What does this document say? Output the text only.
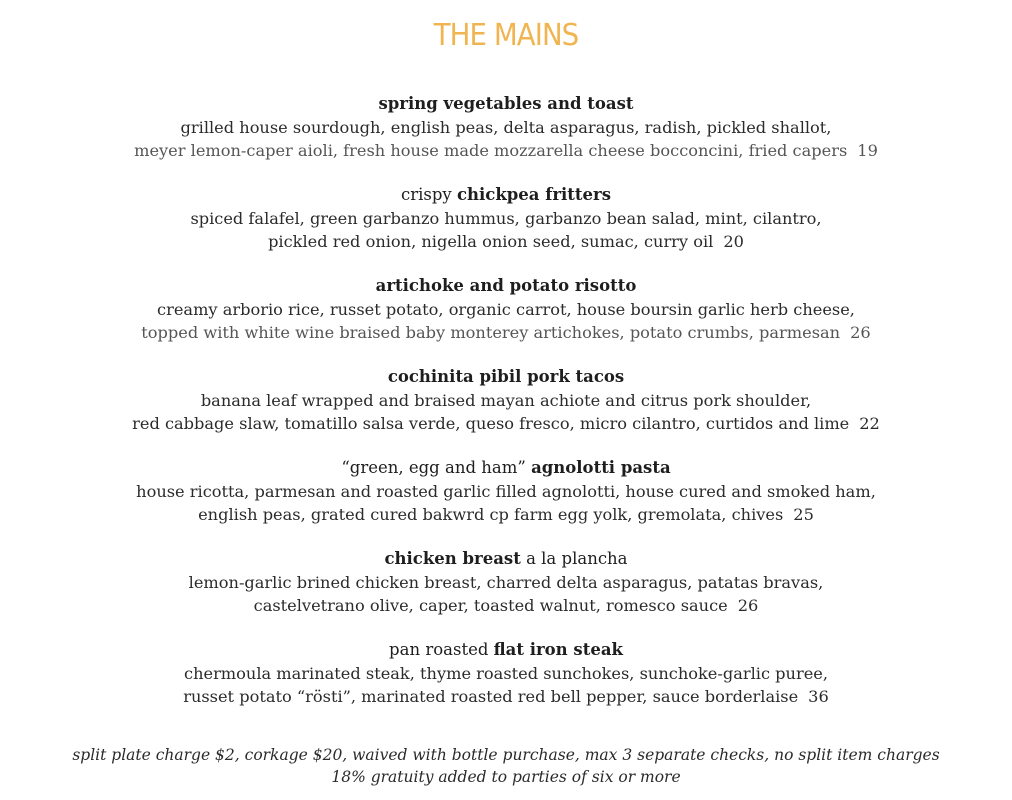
THE MAINS
spring vegetables and toast
grilled house sourdough, english peas, delta asparagus, radish, pickled shallot,
meyer lemon-caper aioli, fresh house made mozzarella cheese bocconcini, fried capers 19
crispy chickpea fritters
spiced falafel, green garbanzo hummus, garbanzo bean salad, mint, cilantro,
pickled red onion, nigella onion seed, sumac, curry oil 20
artichoke and potato risotto
creamy arborio rice, russet potato, organic carrot, house boursin garlic herb cheese,
topped with white wine braised baby monterey artichokes, potato crumbs, parmesan 26
cochinita pibil pork tacos
banana leaf wrapped and braised mayan achiote and citrus pork shoulder,
red cabbage slaw, tomatillo salsa verde, queso fresco, micro cilantro, curtidos and lime 22
“green, egg and ham” agnolotti pasta
house ricotta, parmesan and roasted garlic filled agnolotti, house cured and smoked ham,
english peas, grated cured bakwrd cp farm egg yolk, gremolata, chives 25
chicken breast a la plancha
lemon-garlic brined chicken breast, charred delta asparagus, patatas bravas,
castelvetrano olive, caper, toasted walnut, romesco sauce 26
pan roasted flat iron steak
chermoula marinated steak, thyme roasted sunchokes, sunchoke-garlic puree,
russet potato “rösti”, marinated roasted red bell pepper, sauce borderlaise 36
split plate charge $2, corkage $20, waived with bottle purchase, max 3 separate checks, no split item charges
18% gratuity added to parties of six or more
